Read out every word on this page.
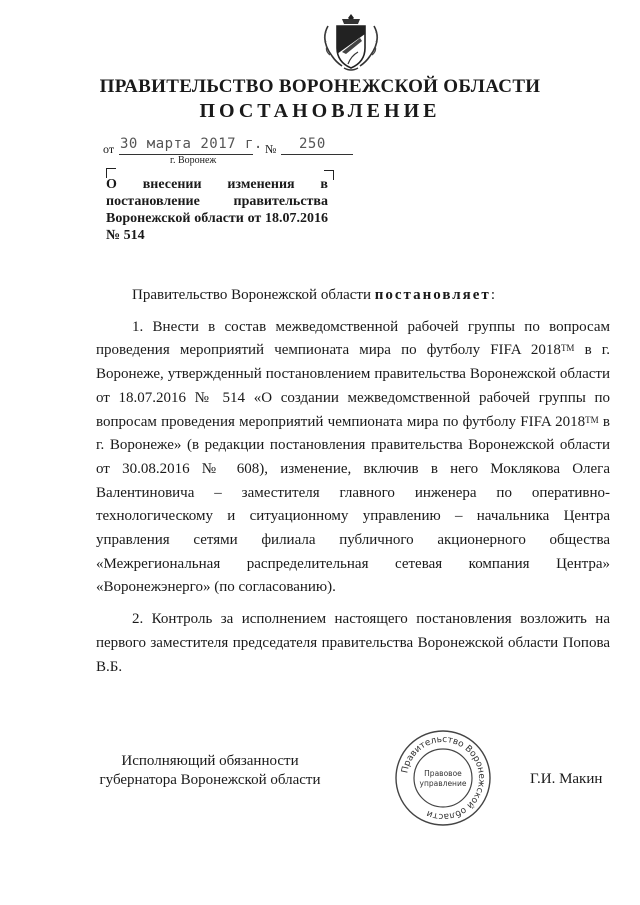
ПРАВИТЕЛЬСТВО ВОРОНЕЖСКОЙ ОБЛАСТИ
ПОСТАНОВЛЕНИЕ
от 30 марта 2017 г. № 250
г. Воронеж
О внесении изменения в постановление правительства Воронежской области от 18.07.2016 № 514

Правительство Воронежской области постановляет:

1. Внести в состав межведомственной рабочей группы по вопросам проведения мероприятий чемпионата мира по футболу FIFA 2018™ в г. Воронеже, утвержденный постановлением правительства Воронежской области от 18.07.2016 № 514 «О создании межведомственной рабочей группы по вопросам проведения мероприятий чемпионата мира по футболу FIFA 2018™ в г. Воронеже» (в редакции постановления правительства Воронежской области от 30.08.2016 № 608), изменение, включив в него Моклякова Олега Валентиновича – заместителя главного инженера по оперативно-технологическому и ситуационному управлению – начальника Центра управления сетями филиала публичного акционерного общества «Межрегиональная распределительная сетевая компания Центра» «Воронежэнерго» (по согласованию).

2. Контроль за исполнением настоящего постановления возложить на первого заместителя председателя правительства Воронежской области Попова В.Б.

Исполняющий обязанности
губернатора Воронежской области
Правительство Воронежской области
Правовое
управление	Г.И. Макин
